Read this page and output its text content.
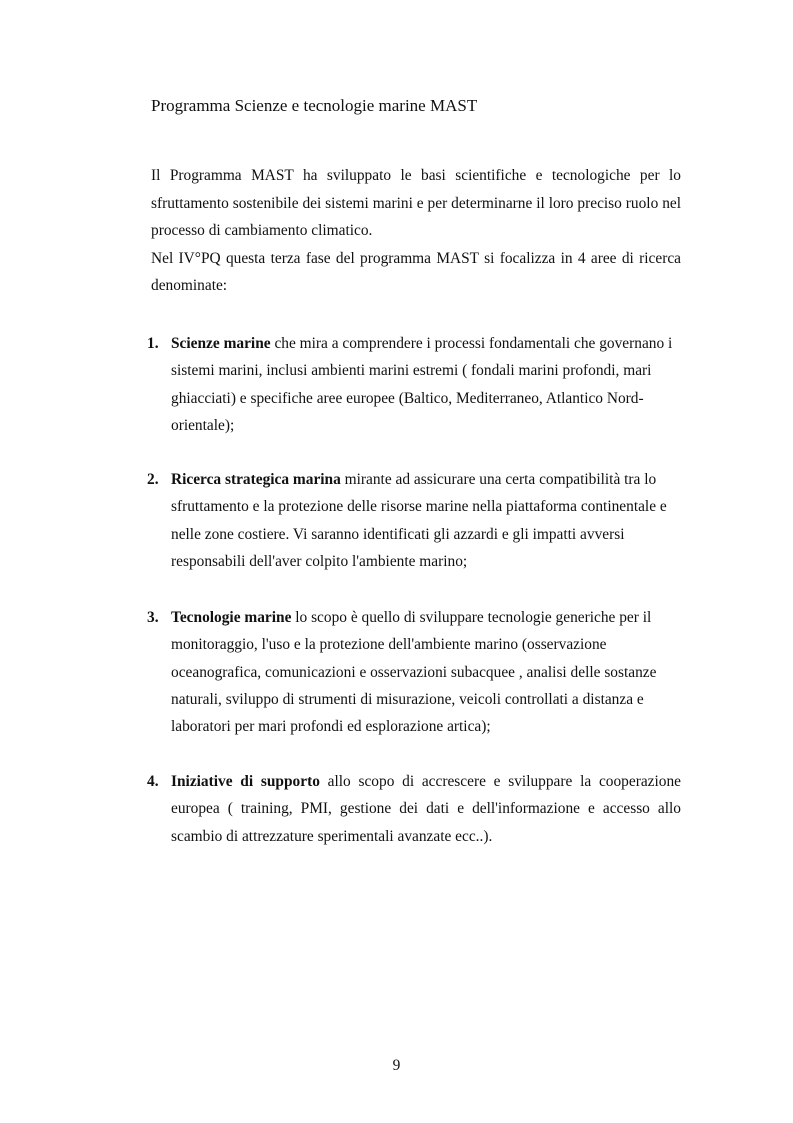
Programma Scienze e tecnologie marine MAST

Il Programma MAST ha sviluppato le basi scientifiche e tecnologiche per lo sfruttamento sostenibile dei sistemi marini e per determinarne il loro preciso ruolo nel processo di cambiamento climatico.

Nel IV°PQ questa terza fase del programma MAST si focalizza in 4 aree di ricerca denominate:

1. Scienze marine che mira a comprendere i processi fondamentali che governano i sistemi marini, inclusi ambienti marini estremi ( fondali marini profondi, mari ghiacciati) e specifiche aree europee (Baltico, Mediterraneo, Atlantico Nord-orientale);
2. Ricerca strategica marina mirante ad assicurare una certa compatibilità tra lo sfruttamento e la protezione delle risorse marine nella piattaforma continentale e nelle zone costiere. Vi saranno identificati gli azzardi e gli impatti avversi responsabili dell'aver colpito l'ambiente marino;
3. Tecnologie marine lo scopo è quello di sviluppare tecnologie generiche per il monitoraggio, l'uso e la protezione dell'ambiente marino (osservazione oceanografica, comunicazioni e osservazioni subacquee , analisi delle sostanze naturali, sviluppo di strumenti di misurazione, veicoli controllati a distanza e laboratori per mari profondi ed esplorazione artica);
4. Iniziative di supporto allo scopo di accrescere e sviluppare la cooperazione europea ( training, PMI, gestione dei dati e dell'informazione e accesso allo scambio di attrezzature sperimentali avanzate ecc..).
9
